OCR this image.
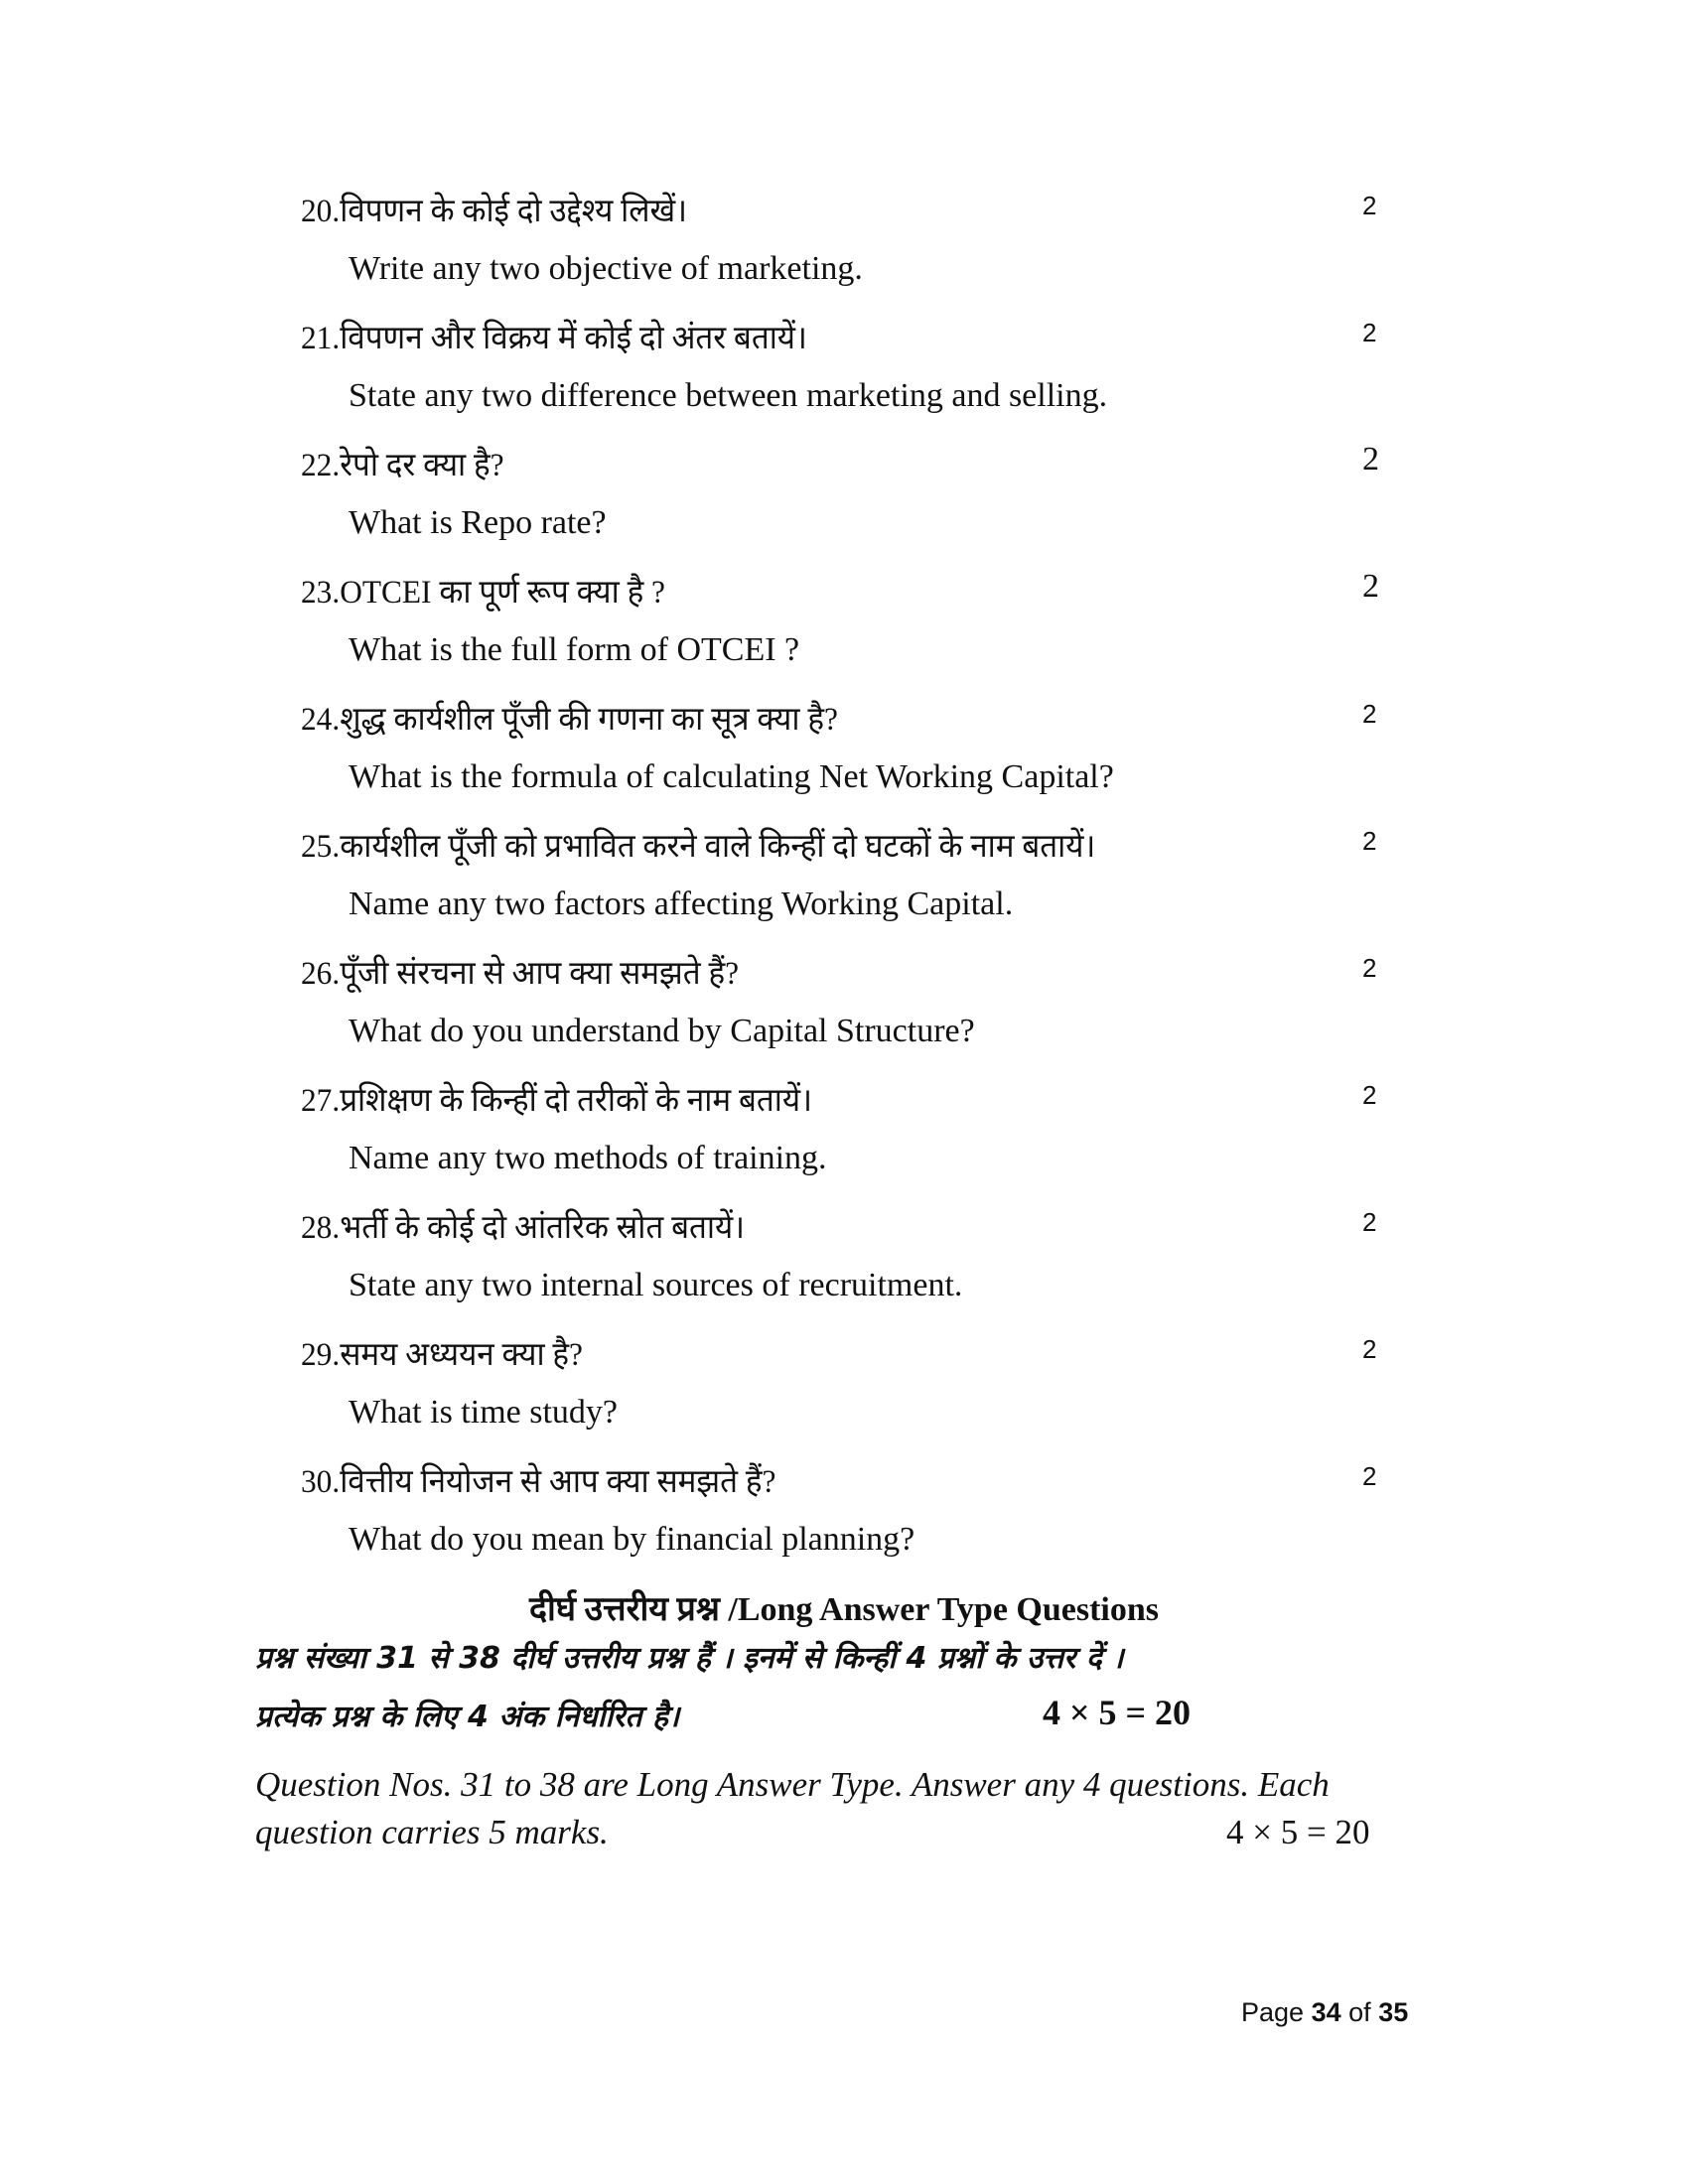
20.विपणन के कोई दो उद्देश्य लिखें।	2
Write any two objective of marketing.
21.विपणन और विक्रय में कोई दो अंतर बतायें।	2
State any two difference between marketing and selling.
22.रेपो दर क्या है?	2
What is Repo rate?
23.OTCEI का पूर्ण रूप क्या है ?	2
What is the full form of OTCEI ?
24.शुद्ध कार्यशील पूँजी की गणना का सूत्र क्या है?	2
What is the formula of calculating Net Working Capital?
25.कार्यशील पूँजी को प्रभावित करने वाले किन्हीं दो घटकों के नाम बतायें।	2
Name any two factors affecting Working Capital.
26.पूँजी संरचना से आप क्या समझते हैं?	2
What do you understand by Capital Structure?
27.प्रशिक्षण के किन्हीं दो तरीकों के नाम बतायें।	2
Name any two methods of training.
28.भर्ती के कोई दो आंतरिक स्रोत बतायें।	2
State any two internal sources of recruitment.
29.समय अध्ययन क्या है?	2
What is time study?
30.वित्तीय नियोजन से आप क्या समझते हैं?	2
What do you mean by financial planning?
दीर्घ उत्तरीय प्रश्न /Long Answer Type Questions
प्रश्न संख्या 31 से 38 दीर्घ उत्तरीय प्रश्न हैं । इनमें से किन्हीं 4 प्रश्नों के उत्तर दें ।
प्रत्येक प्रश्न के लिए 4 अंक निर्धारित है।	4 × 5 = 20
Question Nos. 31 to 38 are Long Answer Type. Answer any 4 questions. Each
question carries 5 marks.	4 × 5 = 20
Page 34 of 35
